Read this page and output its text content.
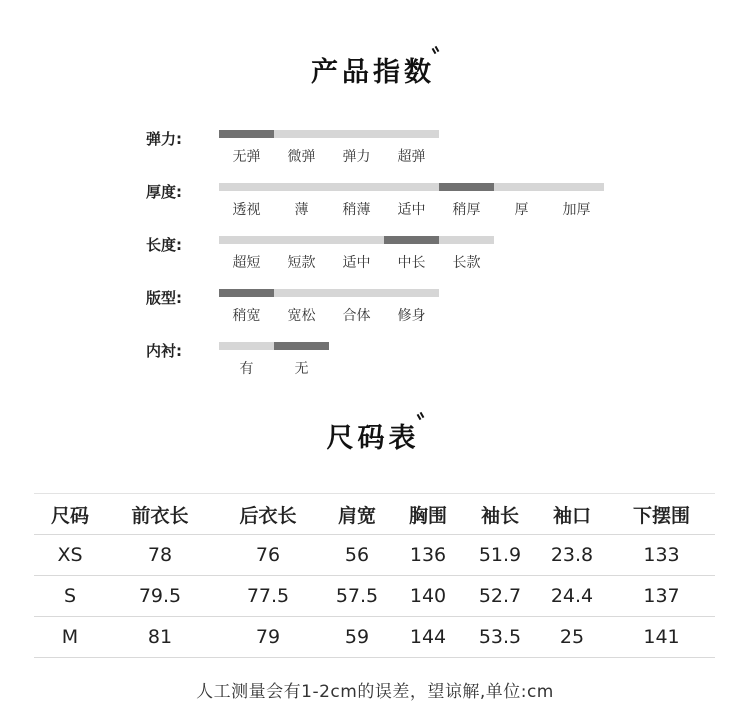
产品指数
弹力:
无弹	微弹	弹力	超弹
厚度:
透视	薄	稍薄	适中	稍厚	厚	加厚
长度:
超短	短款	适中	中长	长款
版型:
稍宽	宽松	合体	修身
内衬:
有	无
尺码表
尺码	前衣长	后衣长	肩宽	胸围	袖长	袖口	下摆围
XS	78	76	56	136	51.9	23.8	133
S	79.5	77.5	57.5	140	52.7	24.4	137
M	81	79	59	144	53.5	25	141
人工测量会有1-2cm的误差，望谅解,单位:cm
